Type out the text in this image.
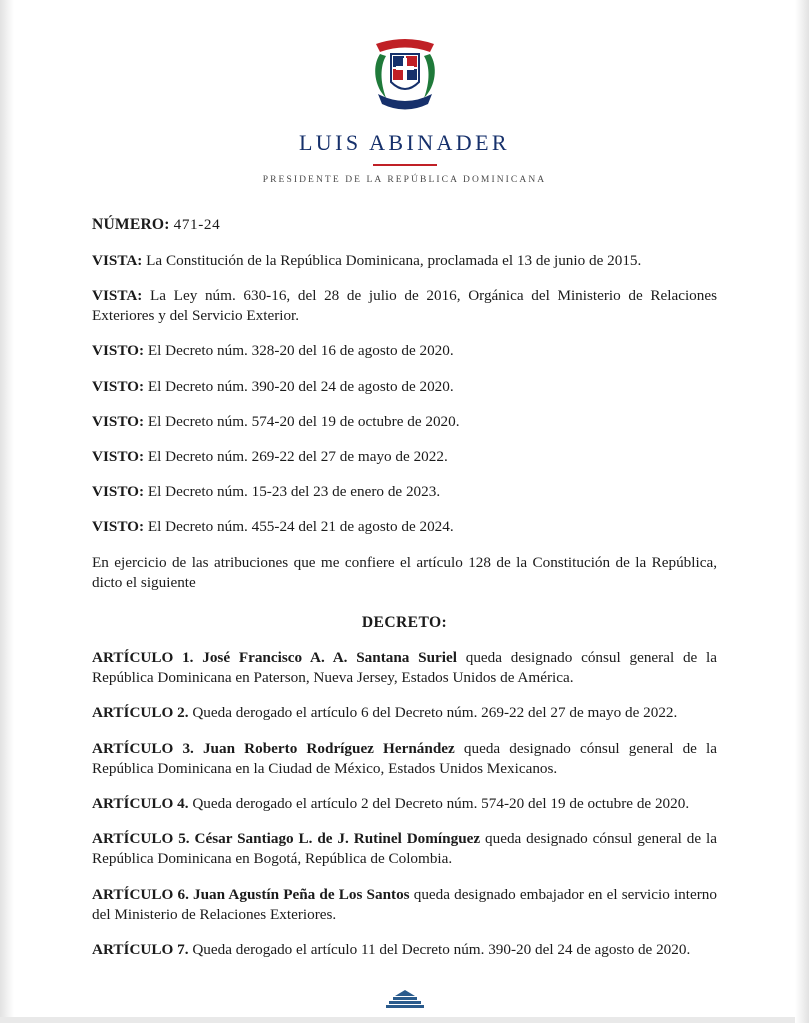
LUIS ABINADER
PRESIDENTE DE LA REPÚBLICA DOMINICANA

NÚMERO: 471-24

VISTA: La Constitución de la República Dominicana, proclamada el 13 de junio de 2015.

VISTA: La Ley núm. 630-16, del 28 de julio de 2016, Orgánica del Ministerio de Relaciones Exteriores y del Servicio Exterior.

VISTO: El Decreto núm. 328-20 del 16 de agosto de 2020.

VISTO: El Decreto núm. 390-20 del 24 de agosto de 2020.

VISTO: El Decreto núm. 574-20 del 19 de octubre de 2020.

VISTO: El Decreto núm. 269-22 del 27 de mayo de 2022.

VISTO: El Decreto núm. 15-23 del 23 de enero de 2023.

VISTO: El Decreto núm. 455-24 del 21 de agosto de 2024.

En ejercicio de las atribuciones que me confiere el artículo 128 de la Constitución de la República, dicto el siguiente

DECRETO:

ARTÍCULO 1. José Francisco A. A. Santana Suriel queda designado cónsul general de la República Dominicana en Paterson, Nueva Jersey, Estados Unidos de América.

ARTÍCULO 2. Queda derogado el artículo 6 del Decreto núm. 269-22 del 27 de mayo de 2022.

ARTÍCULO 3. Juan Roberto Rodríguez Hernández queda designado cónsul general de la República Dominicana en la Ciudad de México, Estados Unidos Mexicanos.

ARTÍCULO 4. Queda derogado el artículo 2 del Decreto núm. 574-20 del 19 de octubre de 2020.

ARTÍCULO 5. César Santiago L. de J. Rutinel Domínguez queda designado cónsul general de la República Dominicana en Bogotá, República de Colombia.

ARTÍCULO 6. Juan Agustín Peña de Los Santos queda designado embajador en el servicio interno del Ministerio de Relaciones Exteriores.

ARTÍCULO 7. Queda derogado el artículo 11 del Decreto núm. 390-20 del 24 de agosto de 2020.
